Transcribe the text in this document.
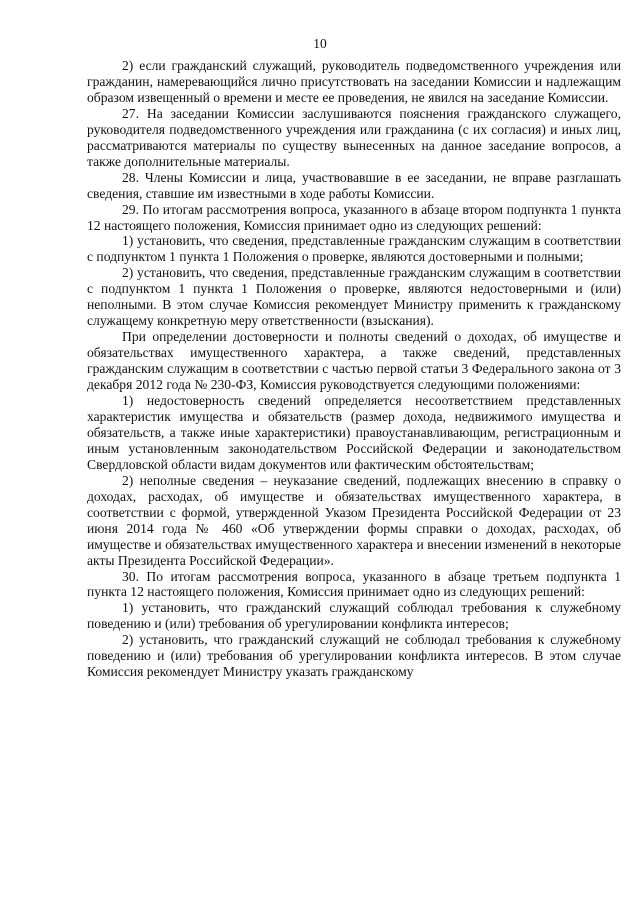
10

2) если гражданский служащий, руководитель подведомственного учреждения или гражданин, намеревающийся лично присутствовать на заседании Комиссии и надлежащим образом извещенный о времени и месте ее проведения, не явился на заседание Комиссии.

27. На заседании Комиссии заслушиваются пояснения гражданского служащего, руководителя подведомственного учреждения или гражданина (с их согласия) и иных лиц, рассматриваются материалы по существу вынесенных на данное заседание вопросов, а также дополнительные материалы.

28. Члены Комиссии и лица, участвовавшие в ее заседании, не вправе разглашать сведения, ставшие им известными в ходе работы Комиссии.

29. По итогам рассмотрения вопроса, указанного в абзаце втором подпункта 1 пункта 12 настоящего положения, Комиссия принимает одно из следующих решений:

1) установить, что сведения, представленные гражданским служащим в соответствии с подпунктом 1 пункта 1 Положения о проверке, являются достоверными и полными;

2) установить, что сведения, представленные гражданским служащим в соответствии с подпунктом 1 пункта 1 Положения о проверке, являются недостоверными и (или) неполными. В этом случае Комиссия рекомендует Министру применить к гражданскому служащему конкретную меру ответственности (взыскания).

При определении достоверности и полноты сведений о доходах, об имуществе и обязательствах имущественного характера, а также сведений, представленных гражданским служащим в соответствии с частью первой статьи 3 Федерального закона от 3 декабря 2012 года № 230-ФЗ, Комиссия руководствуется следующими положениями:

1) недостоверность сведений определяется несоответствием представленных характеристик имущества и обязательств (размер дохода, недвижимого имущества и обязательств, а также иные характеристики) правоустанавливающим, регистрационным и иным установленным законодательством Российской Федерации и законодательством Свердловской области видам документов или фактическим обстоятельствам;

2) неполные сведения – неуказание сведений, подлежащих внесению в справку о доходах, расходах, об имуществе и обязательствах имущественного характера, в соответствии с формой, утвержденной Указом Президента Российской Федерации от 23 июня 2014 года № 460 «Об утверждении формы справки о доходах, расходах, об имуществе и обязательствах имущественного характера и внесении изменений в некоторые акты Президента Российской Федерации».

30. По итогам рассмотрения вопроса, указанного в абзаце третьем подпункта 1 пункта 12 настоящего положения, Комиссия принимает одно из следующих решений:

1) установить, что гражданский служащий соблюдал требования к служебному поведению и (или) требования об урегулировании конфликта интересов;

2) установить, что гражданский служащий не соблюдал требования к служебному поведению и (или) требования об урегулировании конфликта интересов. В этом случае Комиссия рекомендует Министру указать гражданскому
